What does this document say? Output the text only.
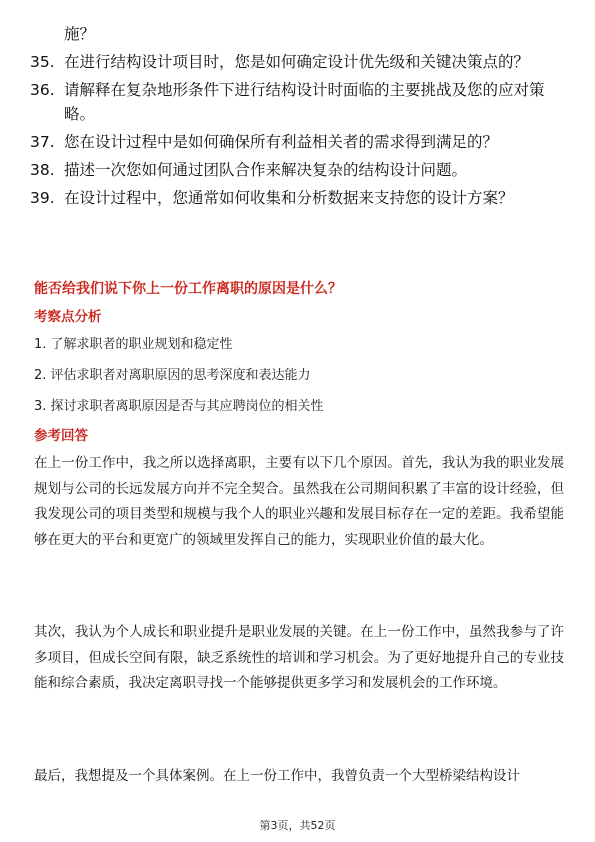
施？
35. 在进行结构设计项目时，您是如何确定设计优先级和关键决策点的？
36. 请解释在复杂地形条件下进行结构设计时面临的主要挑战及您的应对策略。
37. 您在设计过程中是如何确保所有利益相关者的需求得到满足的？
38. 描述一次您如何通过团队合作来解决复杂的结构设计问题。
39. 在设计过程中，您通常如何收集和分析数据来支持您的设计方案？
能否给我们说下你上一份工作离职的原因是什么？
考察点分析
1. 了解求职者的职业规划和稳定性
2. 评估求职者对离职原因的思考深度和表达能力
3. 探讨求职者离职原因是否与其应聘岗位的相关性
参考回答
在上一份工作中，我之所以选择离职，主要有以下几个原因。首先，我认为我的职业发展规划与公司的长远发展方向并不完全契合。虽然我在公司期间积累了丰富的设计经验，但我发现公司的项目类型和规模与我个人的职业兴趣和发展目标存在一定的差距。我希望能够在更大的平台和更宽广的领域里发挥自己的能力，实现职业价值的最大化。
其次，我认为个人成长和职业提升是职业发展的关键。在上一份工作中，虽然我参与了许多项目，但成长空间有限，缺乏系统性的培训和学习机会。为了更好地提升自己的专业技能和综合素质，我决定离职寻找一个能够提供更多学习和发展机会的工作环境。
最后，我想提及一个具体案例。在上一份工作中，我曾负责一个大型桥梁结构设计
第3页，共52页
